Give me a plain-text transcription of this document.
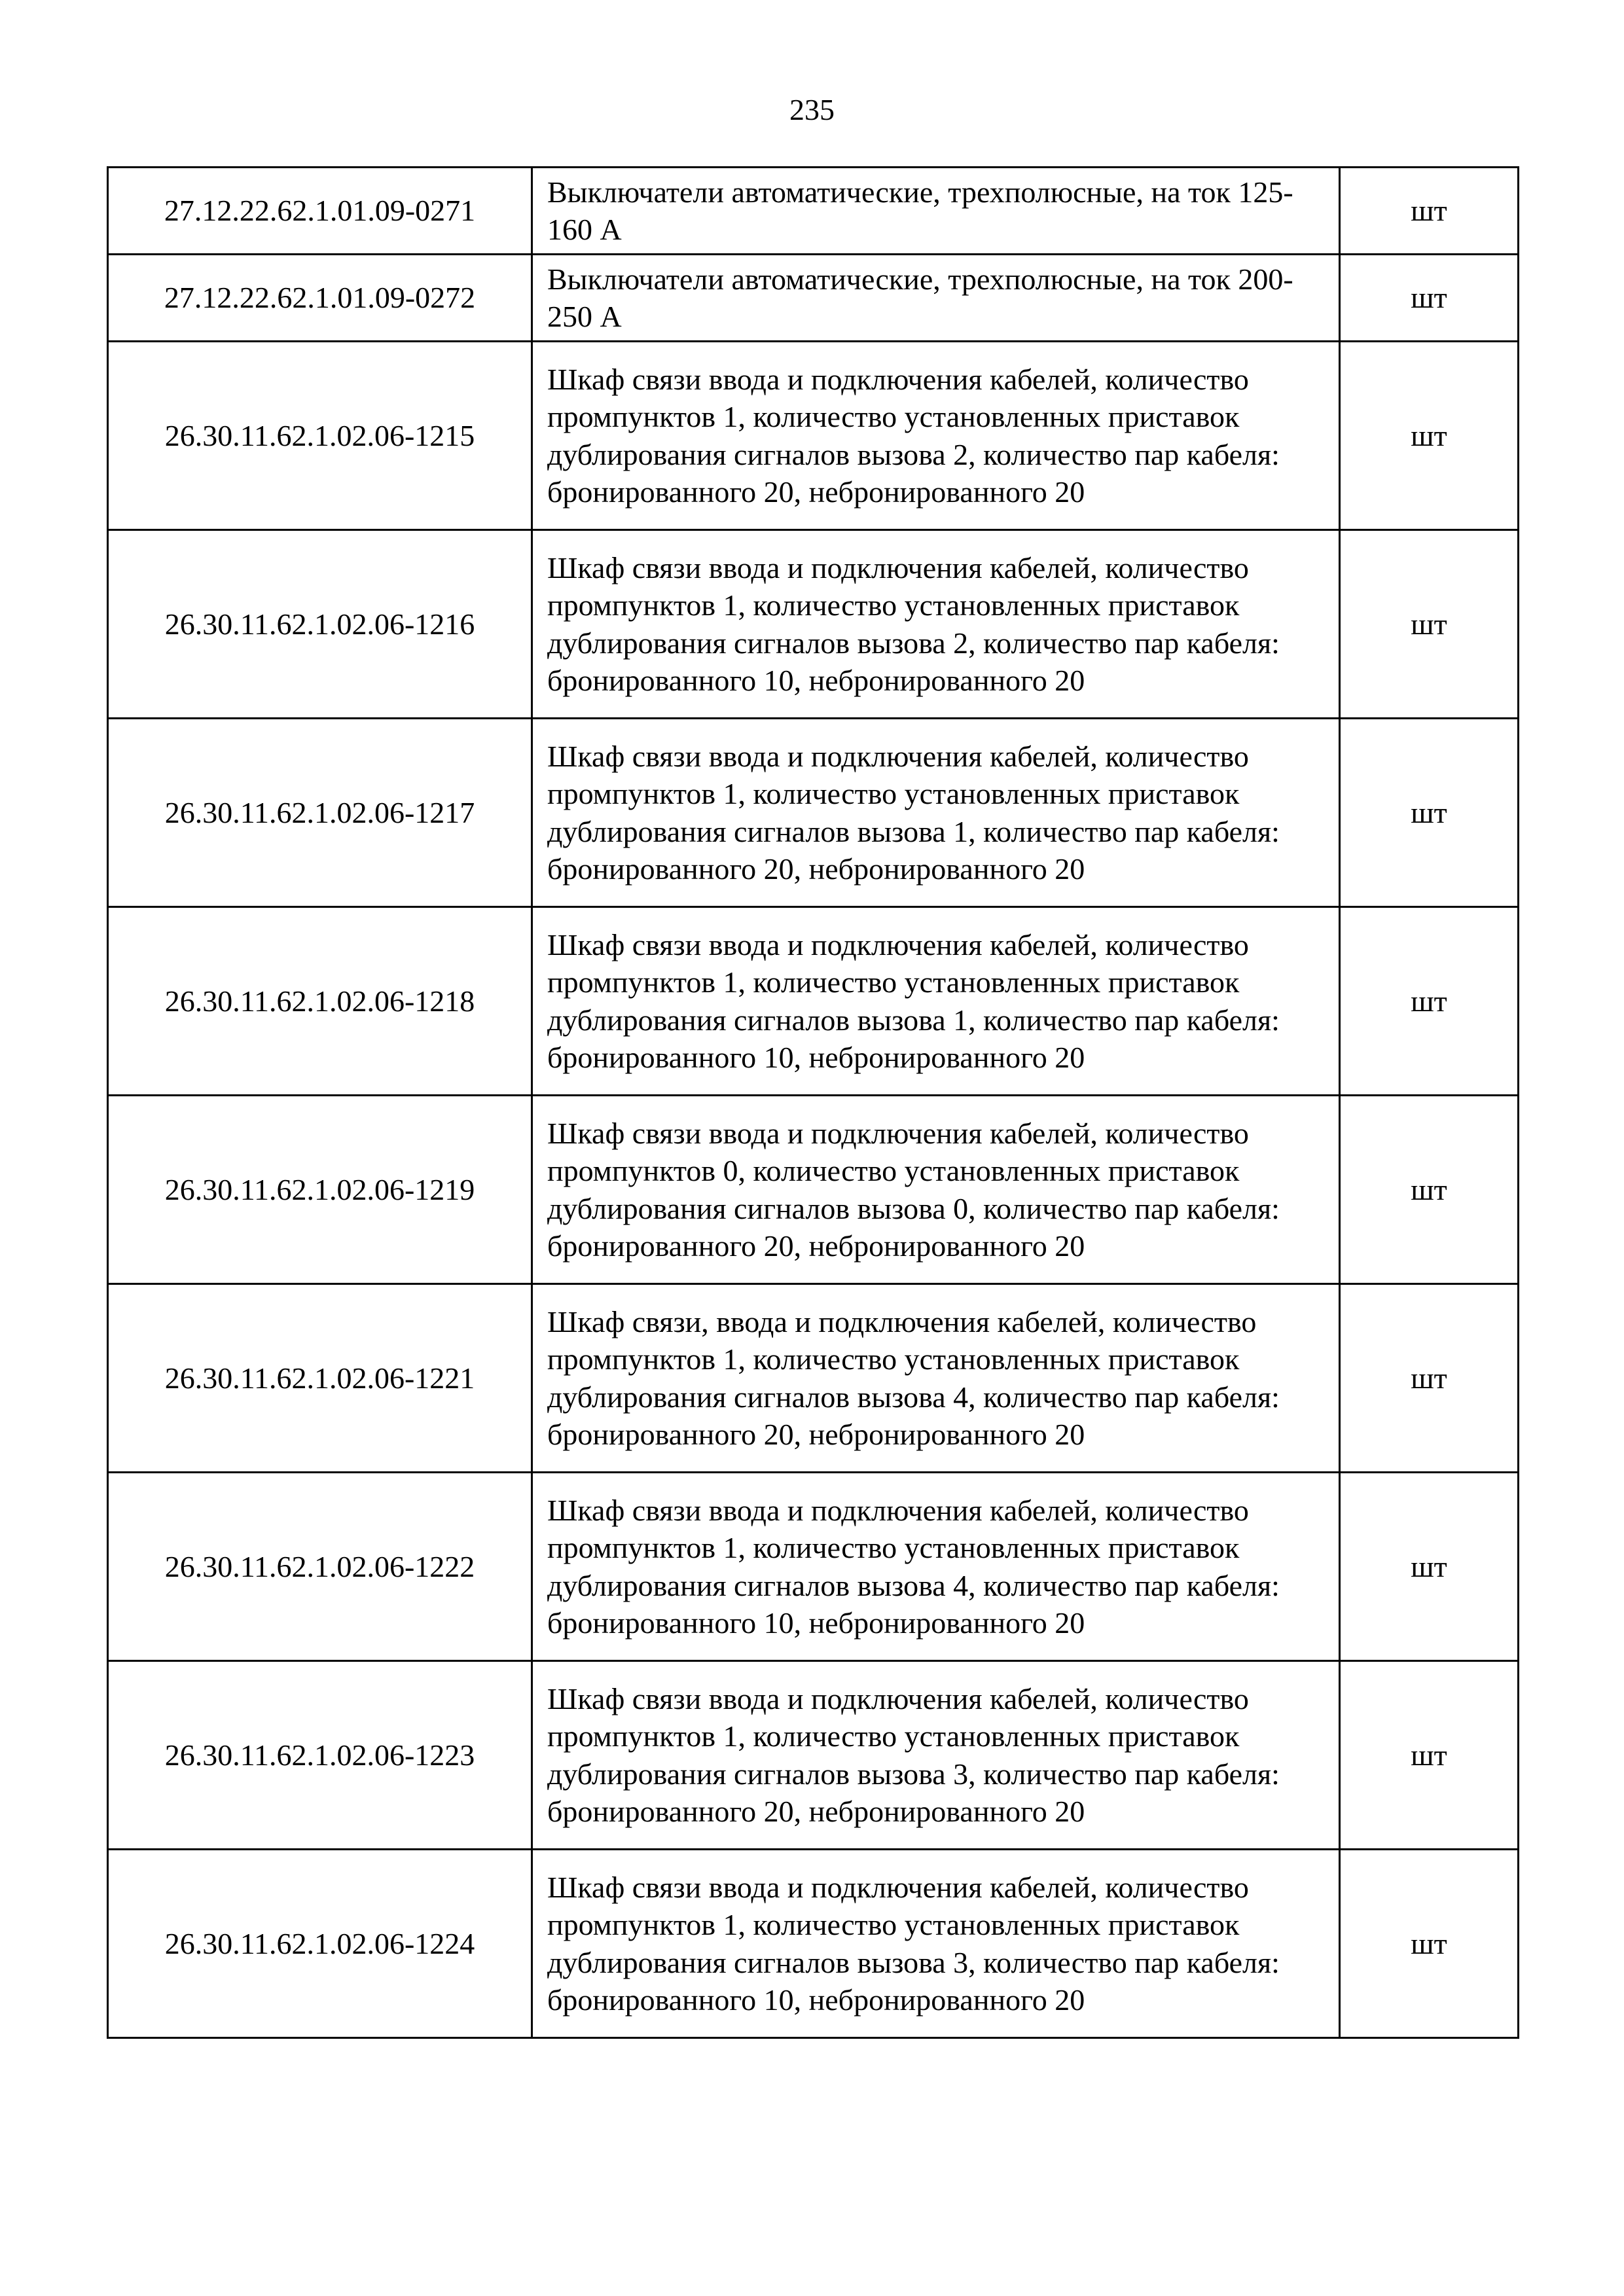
235
27.12.22.62.1.01.09-0271	Выключатели автоматические, трехполюсные, на ток 125-160 А	шт
27.12.22.62.1.01.09-0272	Выключатели автоматические, трехполюсные, на ток 200-250 А	шт
26.30.11.62.1.02.06-1215	Шкаф связи ввода и подключения кабелей, количество промпунктов 1, количество установленных приставок дублирования сигналов вызова 2, количество пар кабеля: бронированного 20, небронированного 20	шт
26.30.11.62.1.02.06-1216	Шкаф связи ввода и подключения кабелей, количество промпунктов 1, количество установленных приставок дублирования сигналов вызова 2, количество пар кабеля: бронированного 10, небронированного 20	шт
26.30.11.62.1.02.06-1217	Шкаф связи ввода и подключения кабелей, количество промпунктов 1, количество установленных приставок дублирования сигналов вызова 1, количество пар кабеля: бронированного 20, небронированного 20	шт
26.30.11.62.1.02.06-1218	Шкаф связи ввода и подключения кабелей, количество промпунктов 1, количество установленных приставок дублирования сигналов вызова 1, количество пар кабеля: бронированного 10, небронированного 20	шт
26.30.11.62.1.02.06-1219	Шкаф связи ввода и подключения кабелей, количество промпунктов 0, количество установленных приставок дублирования сигналов вызова 0, количество пар кабеля: бронированного 20, небронированного 20	шт
26.30.11.62.1.02.06-1221	Шкаф связи, ввода и подключения кабелей, количество промпунктов 1, количество установленных приставок дублирования сигналов вызова 4, количество пар кабеля: бронированного 20, небронированного 20	шт
26.30.11.62.1.02.06-1222	Шкаф связи ввода и подключения кабелей, количество промпунктов 1, количество установленных приставок дублирования сигналов вызова 4, количество пар кабеля: бронированного 10, небронированного 20	шт
26.30.11.62.1.02.06-1223	Шкаф связи ввода и подключения кабелей, количество промпунктов 1, количество установленных приставок дублирования сигналов вызова 3, количество пар кабеля: бронированного 20, небронированного 20	шт
26.30.11.62.1.02.06-1224	Шкаф связи ввода и подключения кабелей, количество промпунктов 1, количество установленных приставок дублирования сигналов вызова 3, количество пар кабеля: бронированного 10, небронированного 20	шт
